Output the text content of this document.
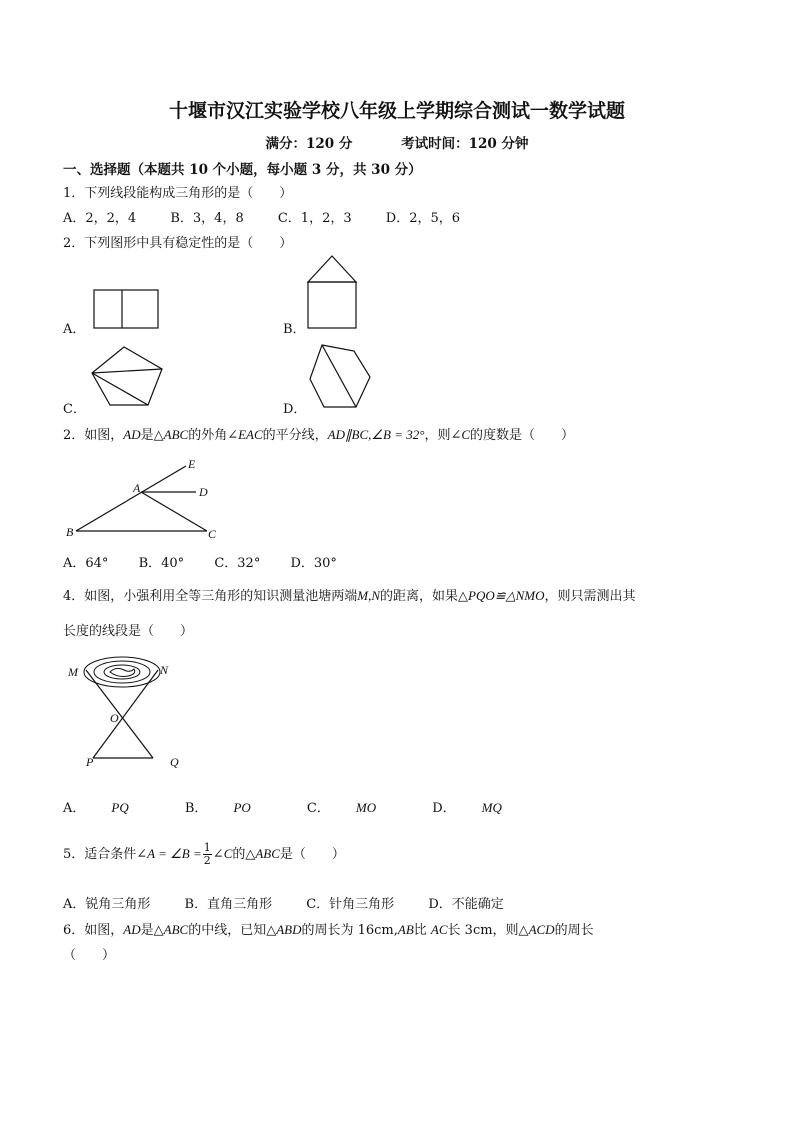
十堰市汉江实验学校八年级上学期综合测试一数学试题
满分：120 分	考试时间：120 分钟
一、选择题（本题共 10 个小题，每小题 3 分，共 30 分）
1．下列线段能构成三角形的是（　　）
A．2，2，4	B．3，4，8	C．1，2，3	D．2，5，6
2．下列图形中具有稳定性的是（　　）
A．	B．
C．	D．
2．如图，AD是△ABC的外角∠EAC的平分线，AD∥BC,∠B = 32°，则∠C的度数是（　　）
A
B	C
D
E
A．64° B．40° C．32° D．30°
4．如图，小强利用全等三角形的知识测量池塘两端M,N的距离，如果△PQO≌△NMO，则只需测出其
长度的线段是（　　）
M	N
O
P	Q
A． PQ	B． PO	C． MO	D． MQ
5．适合条件∠A = ∠B = $\frac{1}{2}$ ∠C的△ABC是（　　）
A．锐角三角形	B．直角三角形	C．针角三角形	D．不能确定
6．如图，AD是△ABC的中线，已知△ABD的周长为 16cm,AB比 AC长 3cm，则△ACD的周长
（　　）
